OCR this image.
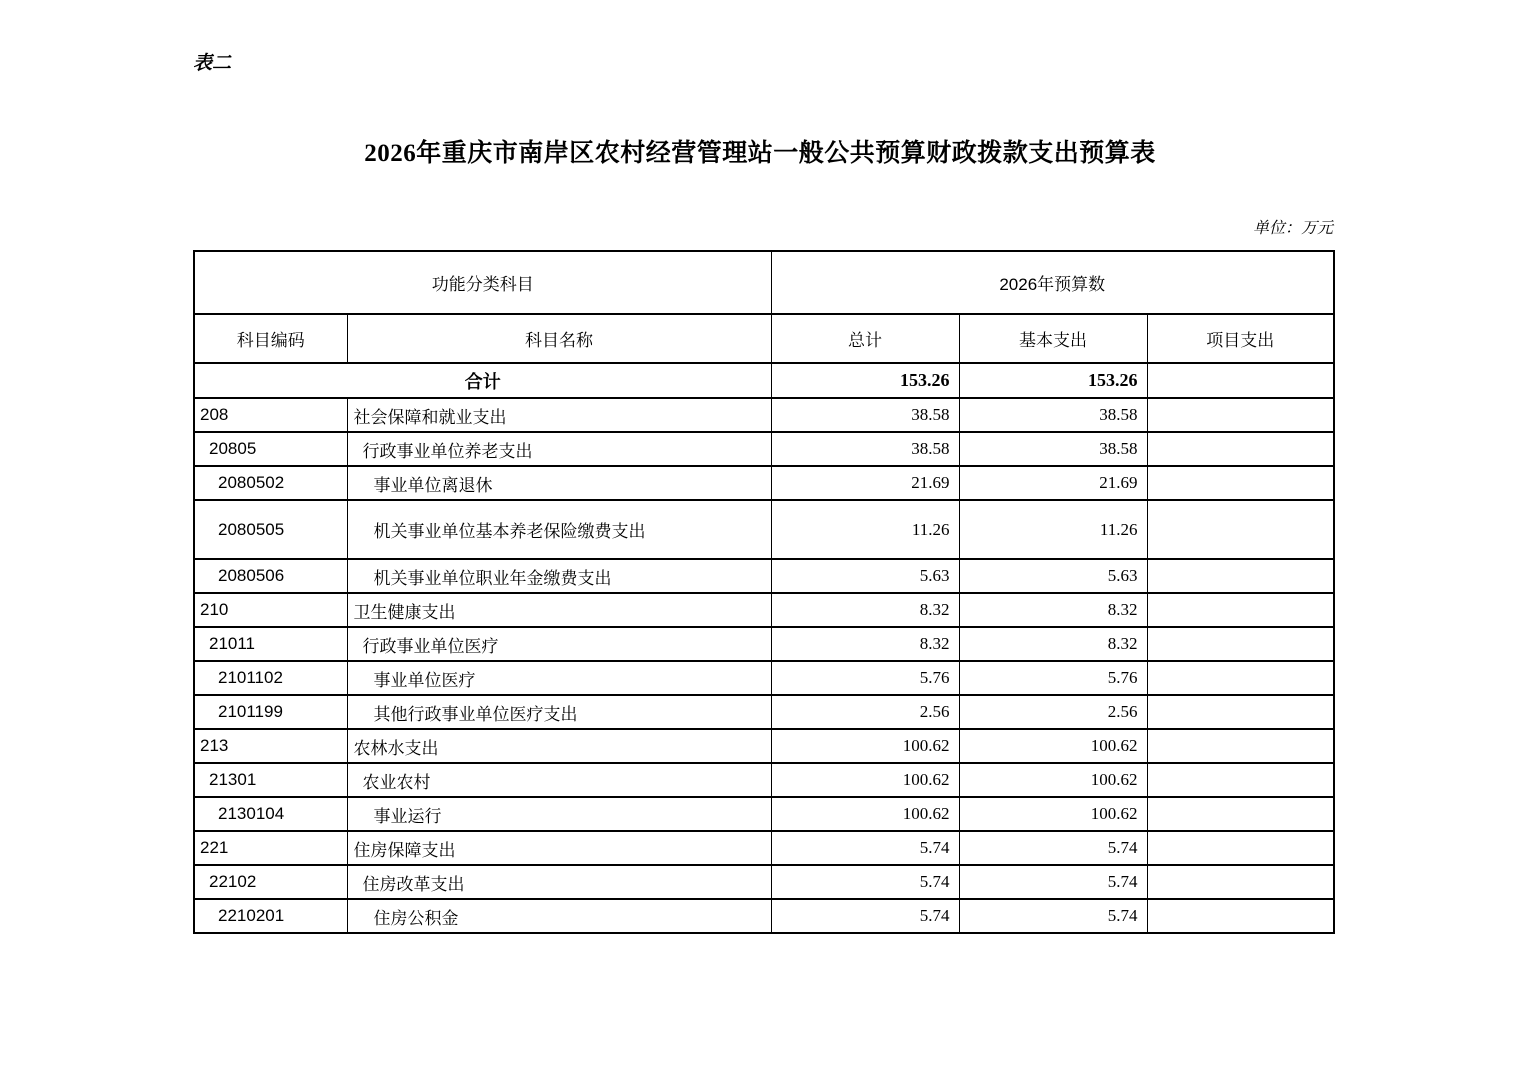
表二
2026年重庆市南岸区农村经营管理站一般公共预算财政拨款支出预算表
单位：万元
功能分类科目		2026年预算数		
科目编码	科目名称	总计	基本支出	项目支出
合计		153.26	153.26	
208	社会保障和就业支出	38.58	38.58	
20805	行政事业单位养老支出	38.58	38.58	
2080502	事业单位离退休	21.69	21.69	
2080505	机关事业单位基本养老保险缴费支出	11.26	11.26	
2080506	机关事业单位职业年金缴费支出	5.63	5.63	
210	卫生健康支出	8.32	8.32	
21011	行政事业单位医疗	8.32	8.32	
2101102	事业单位医疗	5.76	5.76	
2101199	其他行政事业单位医疗支出	2.56	2.56	
213	农林水支出	100.62	100.62	
21301	农业农村	100.62	100.62	
2130104	事业运行	100.62	100.62	
221	住房保障支出	5.74	5.74	
22102	住房改革支出	5.74	5.74	
2210201	住房公积金	5.74	5.74	
